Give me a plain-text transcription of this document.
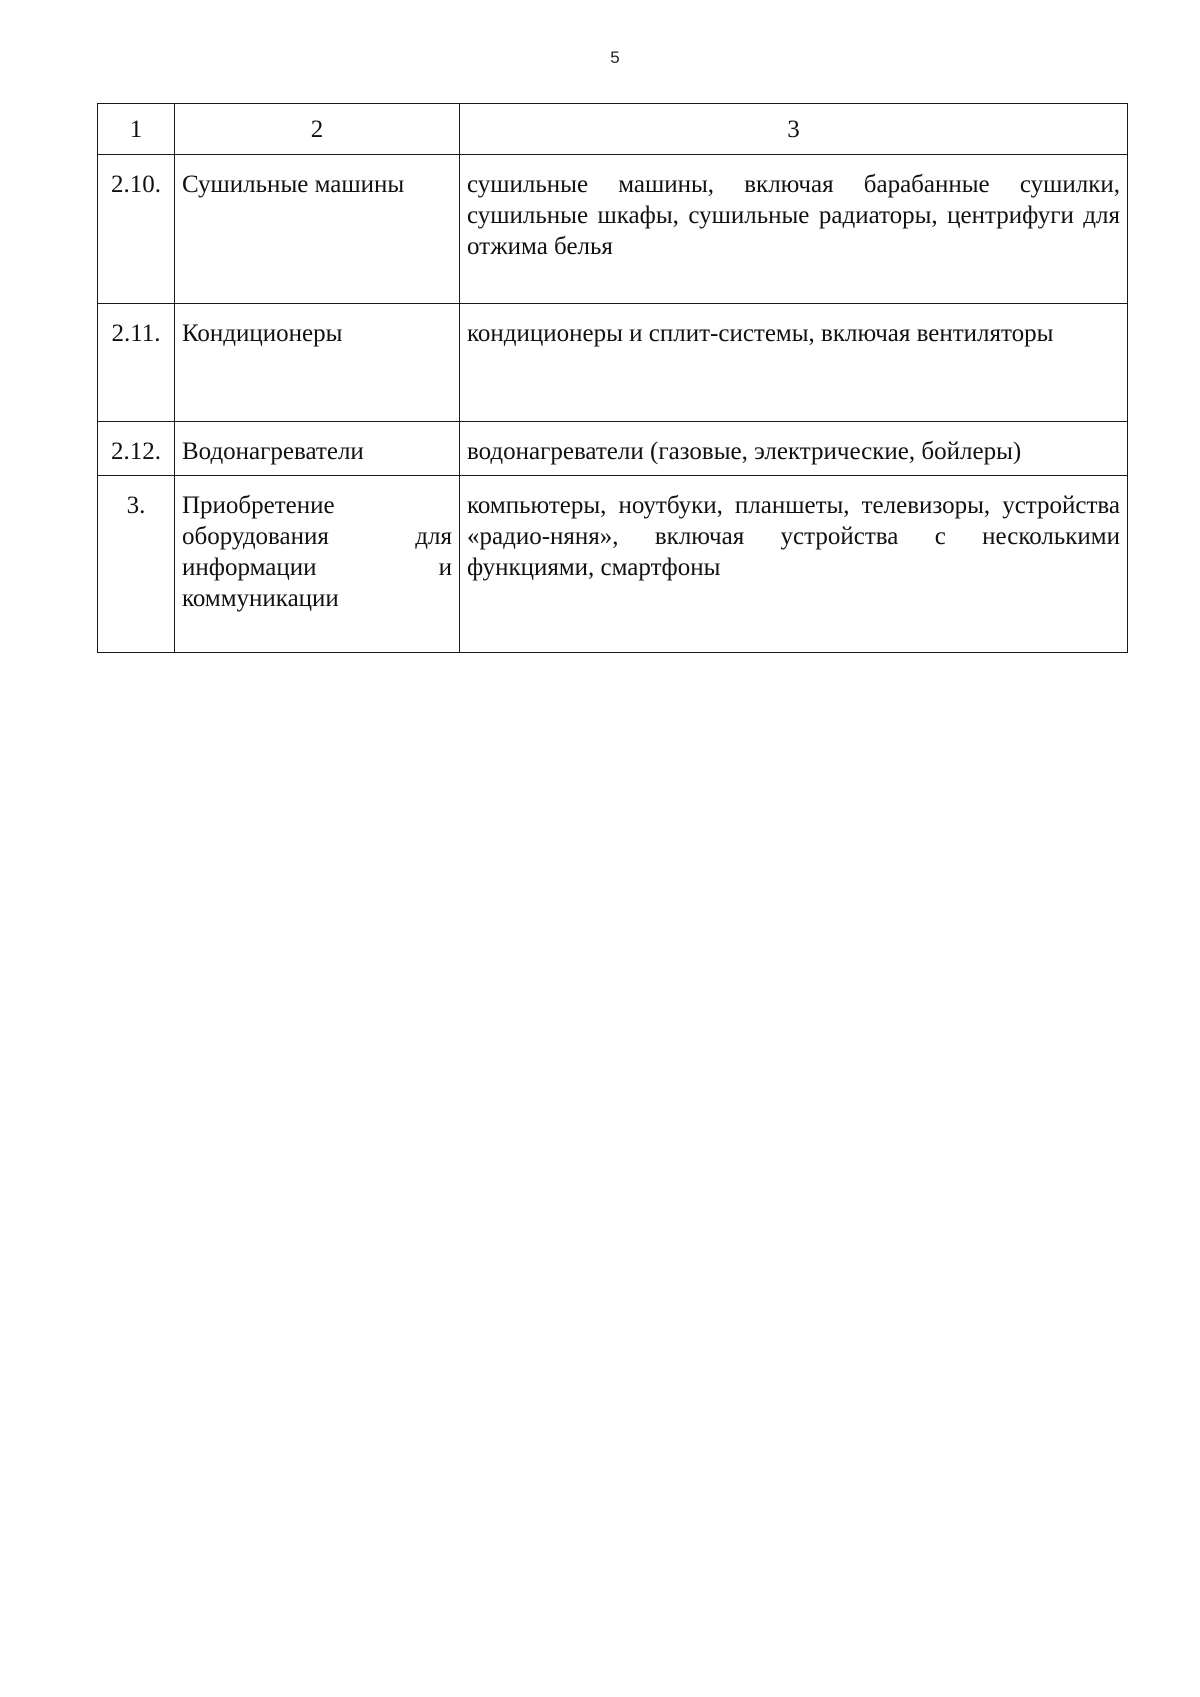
5
1	2	3
2.10.	Сушильные машины	сушильные машины, включая барабанные сушилки, сушильные шкафы, сушильные радиаторы, центрифуги для отжима белья
2.11.	Кондиционеры	кондиционеры и сплит-системы, включая вентиляторы
2.12.	Водонагреватели	водонагреватели (газовые, электрические, бойлеры)
3.	Приобретение оборудования для информации и коммуникации	компьютеры, ноутбуки, планшеты, телевизоры, устройства «радио-няня», включая устройства с несколькими функциями, смартфоны
